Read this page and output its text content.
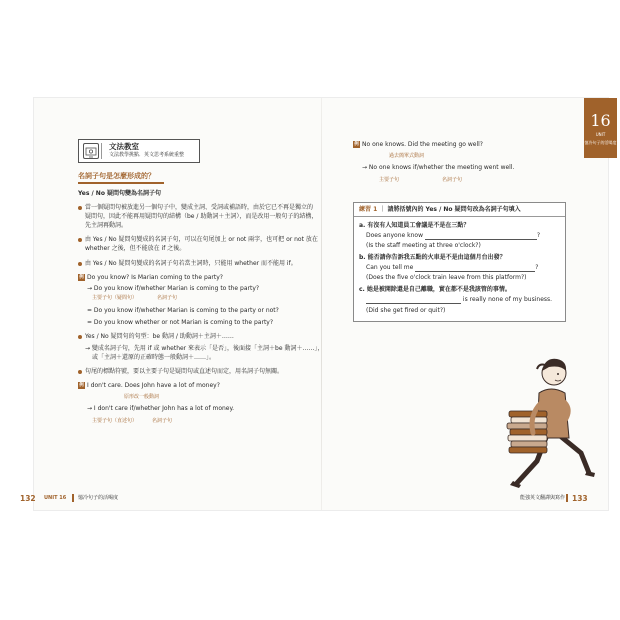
文法教室
文法教學挑點．英文思考系統重整
名詞子句是怎麼形成的？
Yes / No 疑問句變為名詞子句
當一個疑問句被放進另一個句子中，變成主詞、受詞或補語時，由於它已不再是獨立的
疑問句，因此不能再用疑問句的結構（be / 助動詞＋主詞），而是改用一般句子的結構，
先主詞再動詞。
由 Yes / No 疑問句變成的名詞子句，可以在句尾加上 or not 兩字，也可把 or not 放在
whether 之後，但不能放在 if 之後。
由 Yes / No 疑問句變成的名詞子句若當主詞時，只能用 whether 而不能用 if。
例 Do you know? Is Marian coming to the party?
→ Do you know if/whether Marian is coming to the party?
主要子句（疑問句）	名詞子句
= Do you know if/whether Marian is coming to the party or not?
= Do you know whether or not Marian is coming to the party?
Yes / No 疑問句的句型：be 動詞 / 助動詞＋主詞＋……
→ 變成名詞子句，先用 if 或 whether 來表示「是否」，後面接「主詞＋be 動詞＋……」，
或「主詞＋還原的正確時態一般動詞＋……」。
句尾的標點符號，要以主要子句是疑問句或直述句而定，用名詞子句無關。
例 I don't care. Does John have a lot of money?
原形改一般動詞
→ I don't care if/whether John has a lot of money.
主要子句（直述句）	名詞子句
132 UNIT 16 憶冷句子的活喝度
例 No one knows. Did the meeting go well?
過去簡單式動詞
→ No one knows if/whether the meeting went well.
主要子句	名詞子句
練習 1 ｜ 請將括號內的 Yes / No 疑問句改為名詞子句填入
a. 有沒有人知道員工會議是不是在三點？
Does anyone know	?
(Is the staff meeting at three o'clock?)
b. 能否請你告訴我五點的火車是不是由這個月台出發？
Can you tell me	?
(Does the five o'clock train leave from this platform?)
c. 她是被開除還是自己離職，實在都不是我該管的事情。
is really none of my business.
(Did she get fired or quit?)
16
UNIT
憶冷句子的活喝度
能強英文翻譯與寫作 133
